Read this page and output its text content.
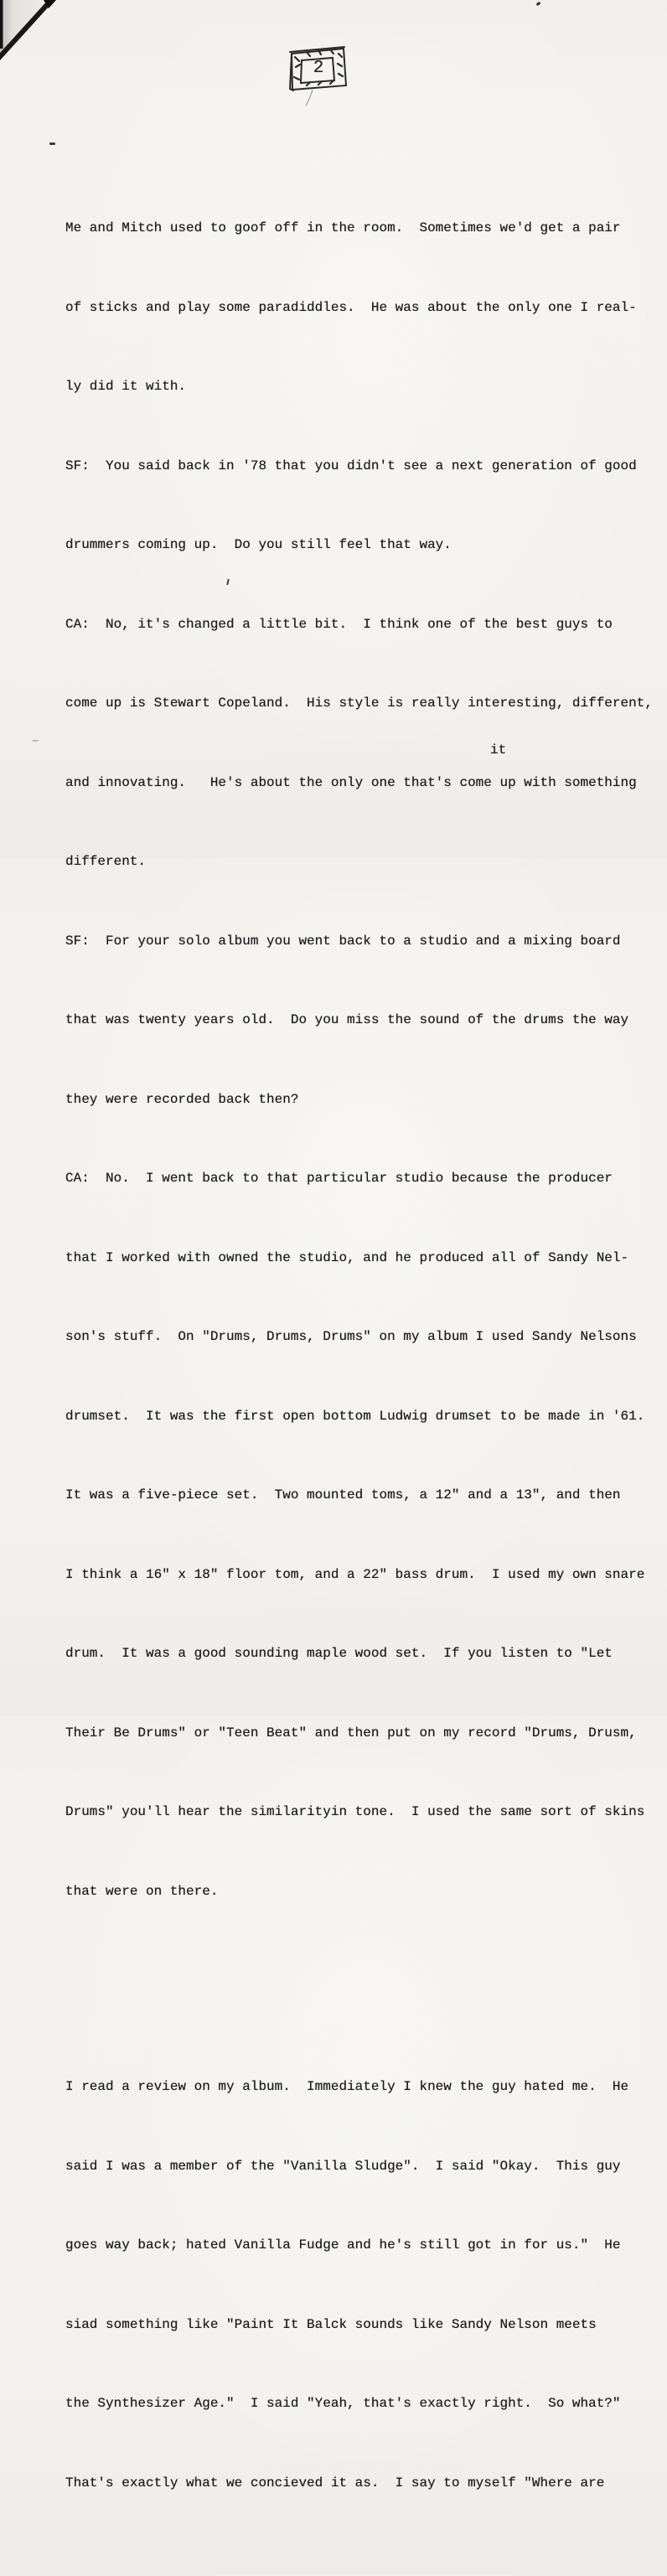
2

Me and Mitch used to goof off in the room.  Sometimes we'd get a pair

of sticks and play some paradiddles.  He was about the only one I real-

ly did it with.

SF:  You said back in '78 that you didn't see a next generation of good

drummers coming up.  Do you still feel that way.

CA:  No, it's changed a little bit.  I think one of the best guys to

come up is Stewart Copeland.  His style is really interesting, different,

and innovating.   He's about the only one that's come up with something

different.

SF:  For your solo album you went back to a studio and a mixing board

that was twenty years old.  Do you miss the sound of the drums the way

they were recorded back then?

CA:  No.  I went back to that particular studio because the producer

that I worked with owned the studio, and he produced all of Sandy Nel-

son's stuff.  On "Drums, Drums, Drums" on my album I used Sandy Nelsons

drumset.  It was the first open bottom Ludwig drumset to be made in '61.

It was a five-piece set.  Two mounted toms, a 12" and a 13", and then

I think a 16" x 18" floor tom, and a 22" bass drum.  I used my own snare

drum.  It was a good sounding maple wood set.  If you listen to "Let

Their Be Drums" or "Teen Beat" and then put on my record "Drums, Drusm,

Drums" you'll hear the similarityin tone.  I used the same sort of skins

that were on there.

I read a review on my album.  Immediately I knew the guy hated me.  He

said I was a member of the "Vanilla Sludge".  I said "Okay.  This guy

goes way back; hated Vanilla Fudge and he's still got in for us."  He

siad something like "Paint It Balck sounds like Sandy Nelson meets

the Synthesizer Age."  I said "Yeah, that's exactly right.  So what?"

That's exactly what we concieved it as.  I say to myself "Where are

it
~
